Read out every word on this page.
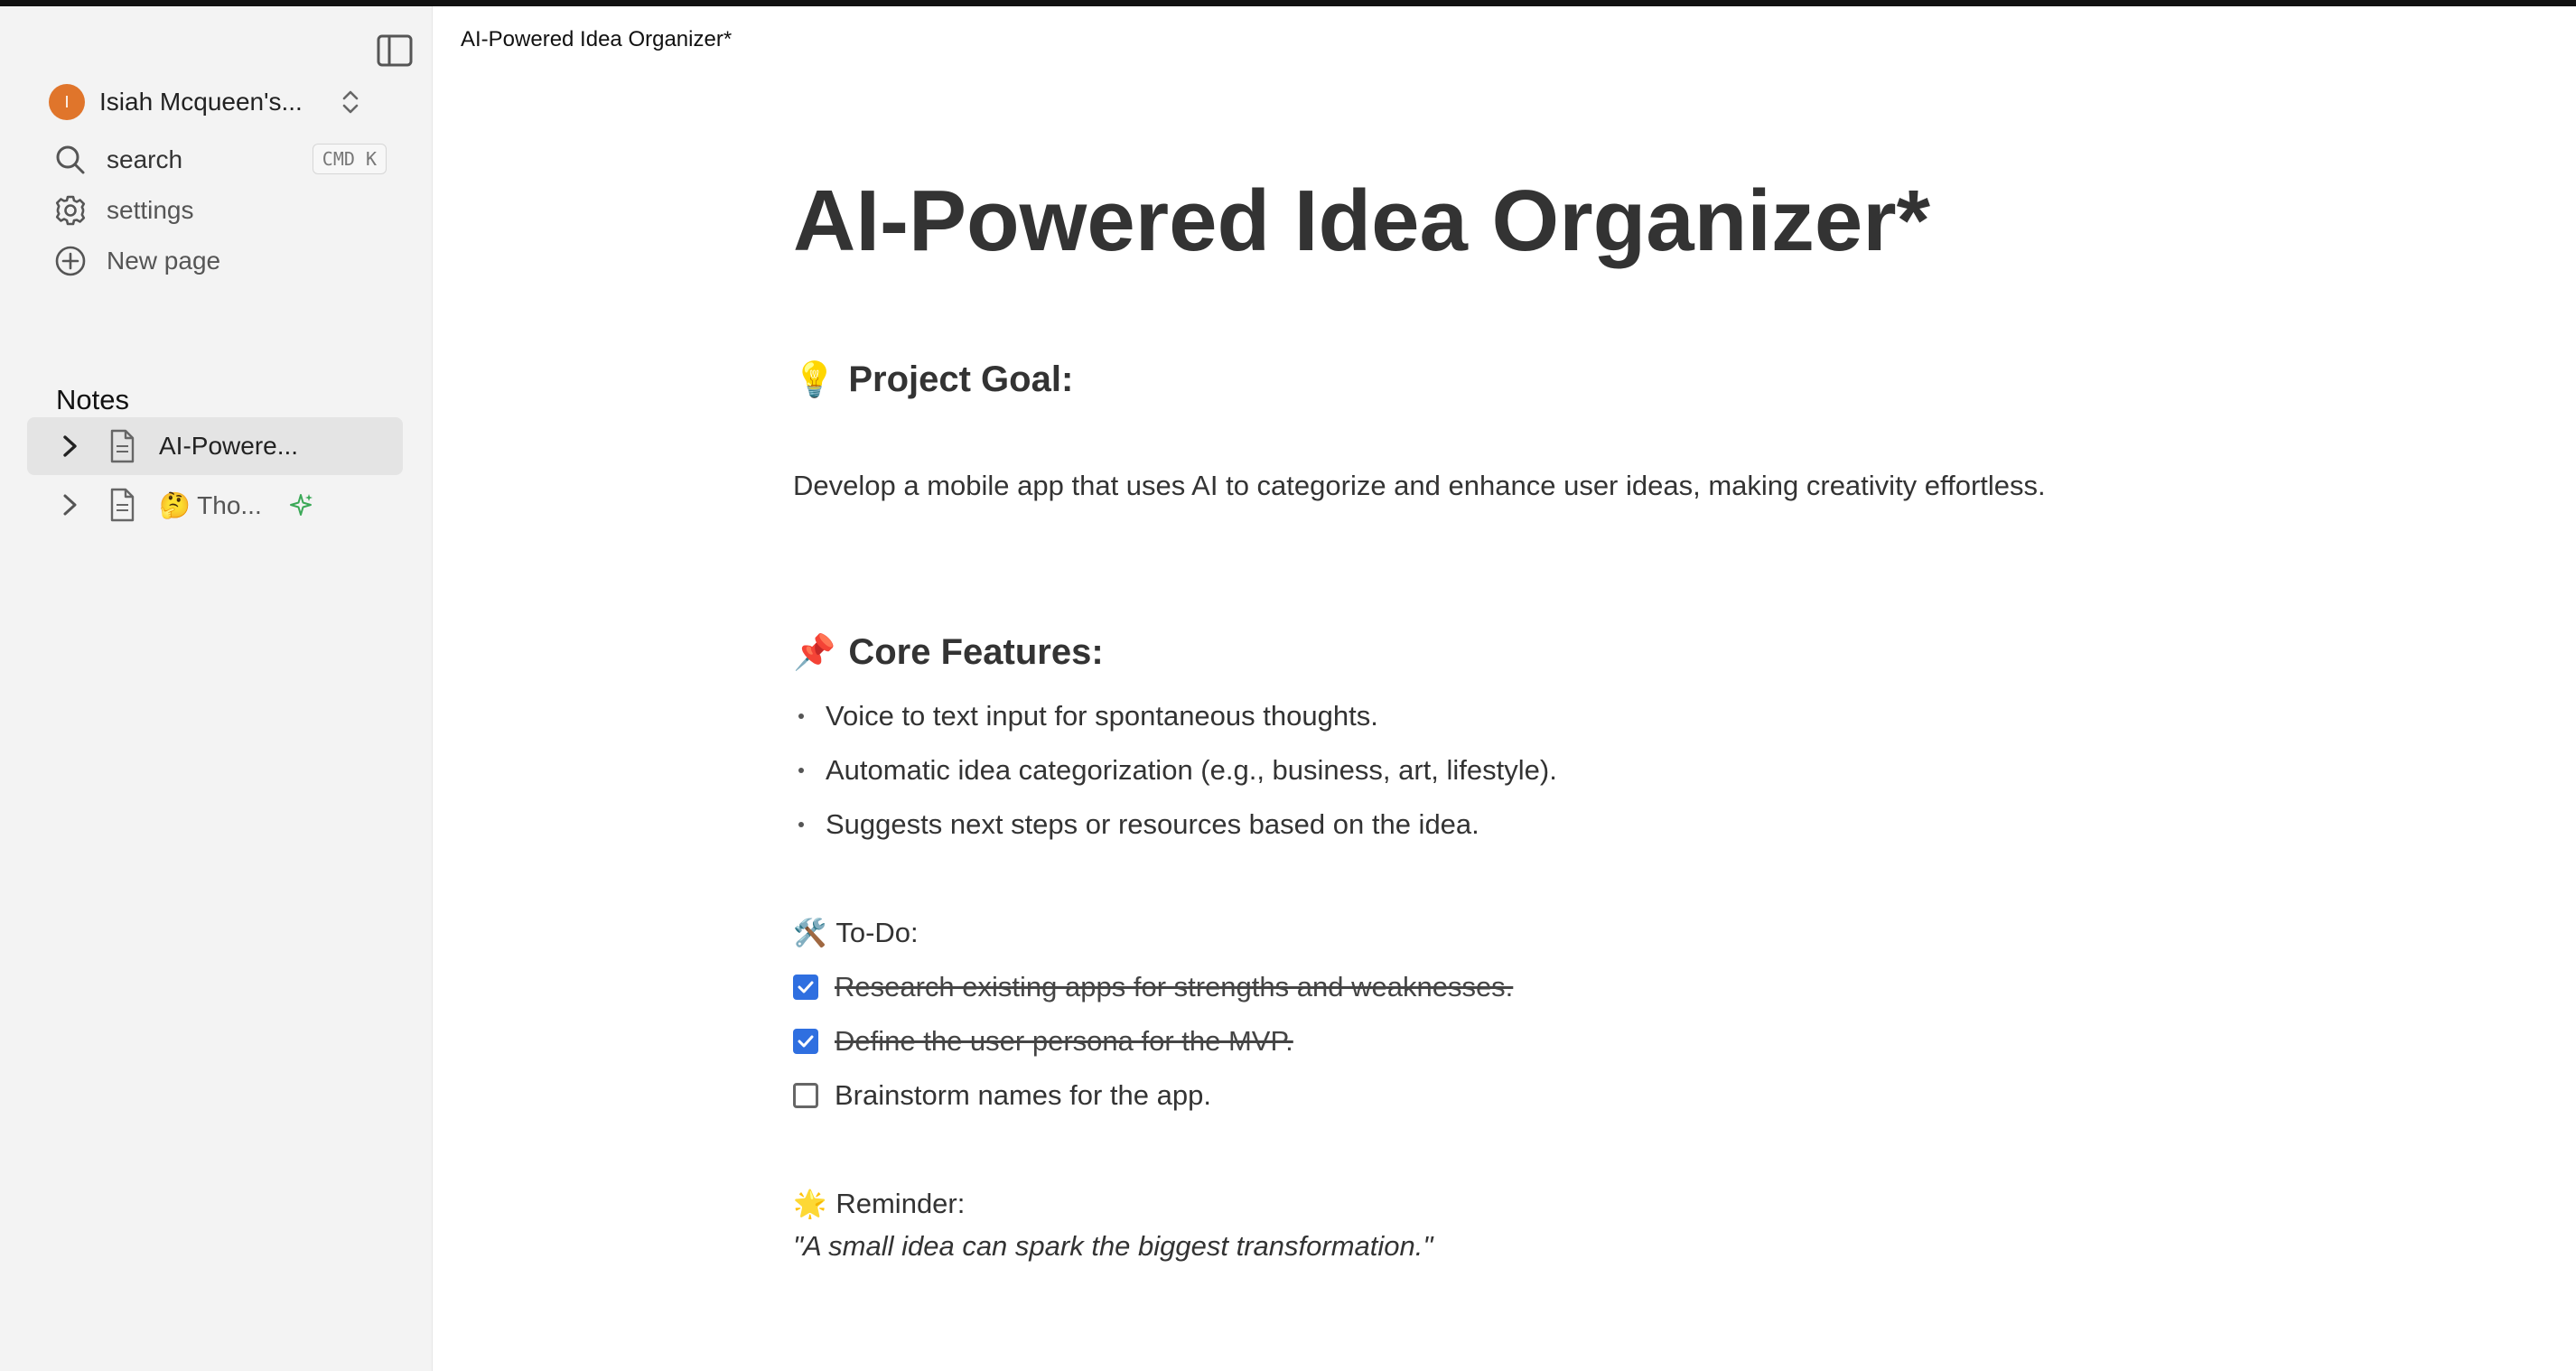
I	Isiah Mcqueen's...
search	CMD K
settings
New page
Notes
AI-Powere...
🤔 Tho...
AI-Powered Idea Organizer*
AI-Powered Idea Organizer*
💡 Project Goal:
Develop a mobile app that uses AI to categorize and enhance user ideas, making creativity effortless.
📌 Core Features:
Voice to text input for spontaneous thoughts.
Automatic idea categorization (e.g., business, art, lifestyle).
Suggests next steps or resources based on the idea.
🛠️ To-Do:
Research existing apps for strengths and weaknesses.
Define the user persona for the MVP.
Brainstorm names for the app.
🌟 Reminder:
"A small idea can spark the biggest transformation."
